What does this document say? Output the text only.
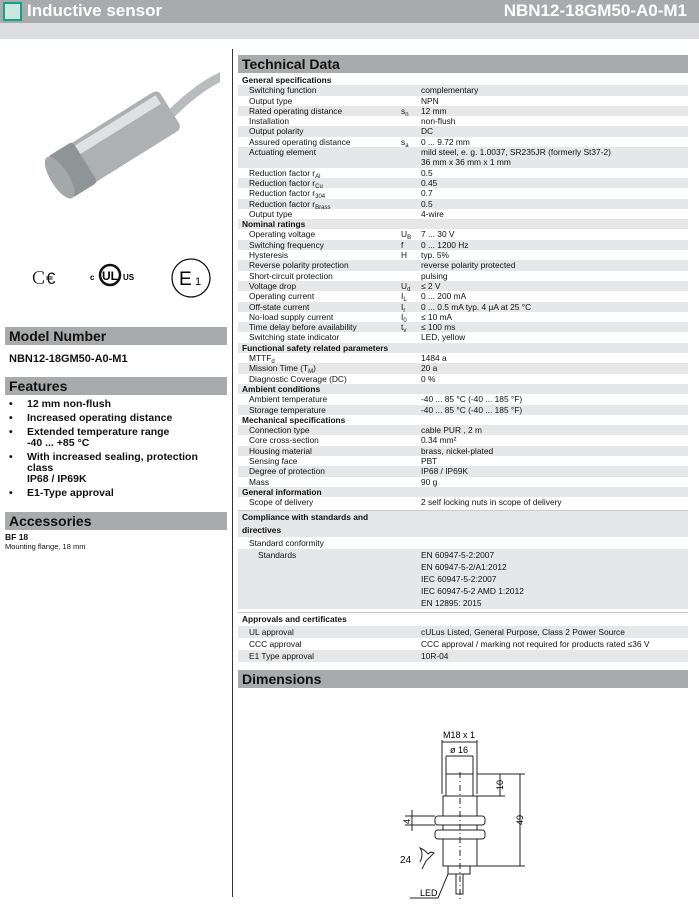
Inductive sensor	NBN12-18GM50-A0-M1
Ｃ€	c UL US E 1
Model Number
NBN12-18GM50-A0-M1
Features
• 12 mm non-flush
• Increased operating distance
• Extended temperature range
-40 ... +85 °C
• With increased sealing, protection class
IP68 / IP69K
• E1-Type approval
Accessories
BF 18
Mounting flange, 18 mm
Technical Data
General specifications
Switching function	complementary
Output type	NPN
Rated operating distance	$s_n$	12 mm
Installation	non-flush
Output polarity	DC
Assured operating distance	$s_a$	0 ... 9.72 mm
Actuating element	mild steel, e. g. 1.0037, SR235JR (formerly St37-2)
36 mm x 36 mm x 1 mm
Reduction factor $r_{Al}$	0.5
Reduction factor $r_{Cu}$	0.45
Reduction factor $r_{304}$	0.7
Reduction factor $r_{Brass}$	0.5
Output type	4-wire
Nominal ratings
Operating voltage	$U_B$	7 ... 30 V
Switching frequency	f	0 ... 1200 Hz
Hysteresis	H	typ. 5%
Reverse polarity protection	reverse polarity protected
Short-circuit protection	pulsing
Voltage drop	$U_d$	≤ 2 V
Operating current	$I_L$	0 ... 200 mA
Off-state current	$I_r$	0 ... 0.5 mA typ. 4 µA at 25 °C
No-load supply current	$I_0$	≤ 10 mA
Time delay before availability	$t_v$	≤ 100 ms
Switching state indicator	LED, yellow
Functional safety related parameters
$MTTF_d$	1484 a
Mission Time $(T_M)$	20 a
Diagnostic Coverage (DC)	0 %
Ambient conditions
Ambient temperature	-40 ... 85 °C (-40 ... 185 °F)
Storage temperature	-40 ... 85 °C (-40 ... 185 °F)
Mechanical specifications
Connection type	cable PUR , 2 m
Core cross-section	0.34 mm²
Housing material	brass, nickel-plated
Sensing face	PBT
Degree of protection	IP68 / IP69K
Mass	90 g
General information
Scope of delivery	2 self locking nuts in scope of delivery
Compliance with standards and directives
Standard conformity
Standards	EN 60947-5-2:2007
EN 60947-5-2/A1:2012
IEC 60947-5-2:2007
IEC 60947-5-2 AMD 1:2012
EN 12895: 2015
Approvals and certificates
UL approval	cULus Listed, General Purpose, Class 2 Power Source
CCC approval	CCC approval / marking not required for products rated ≤36 V
E1 Type approval	10R-04
Dimensions
M18 x 1
ø 16
10
49
4
24
LED
